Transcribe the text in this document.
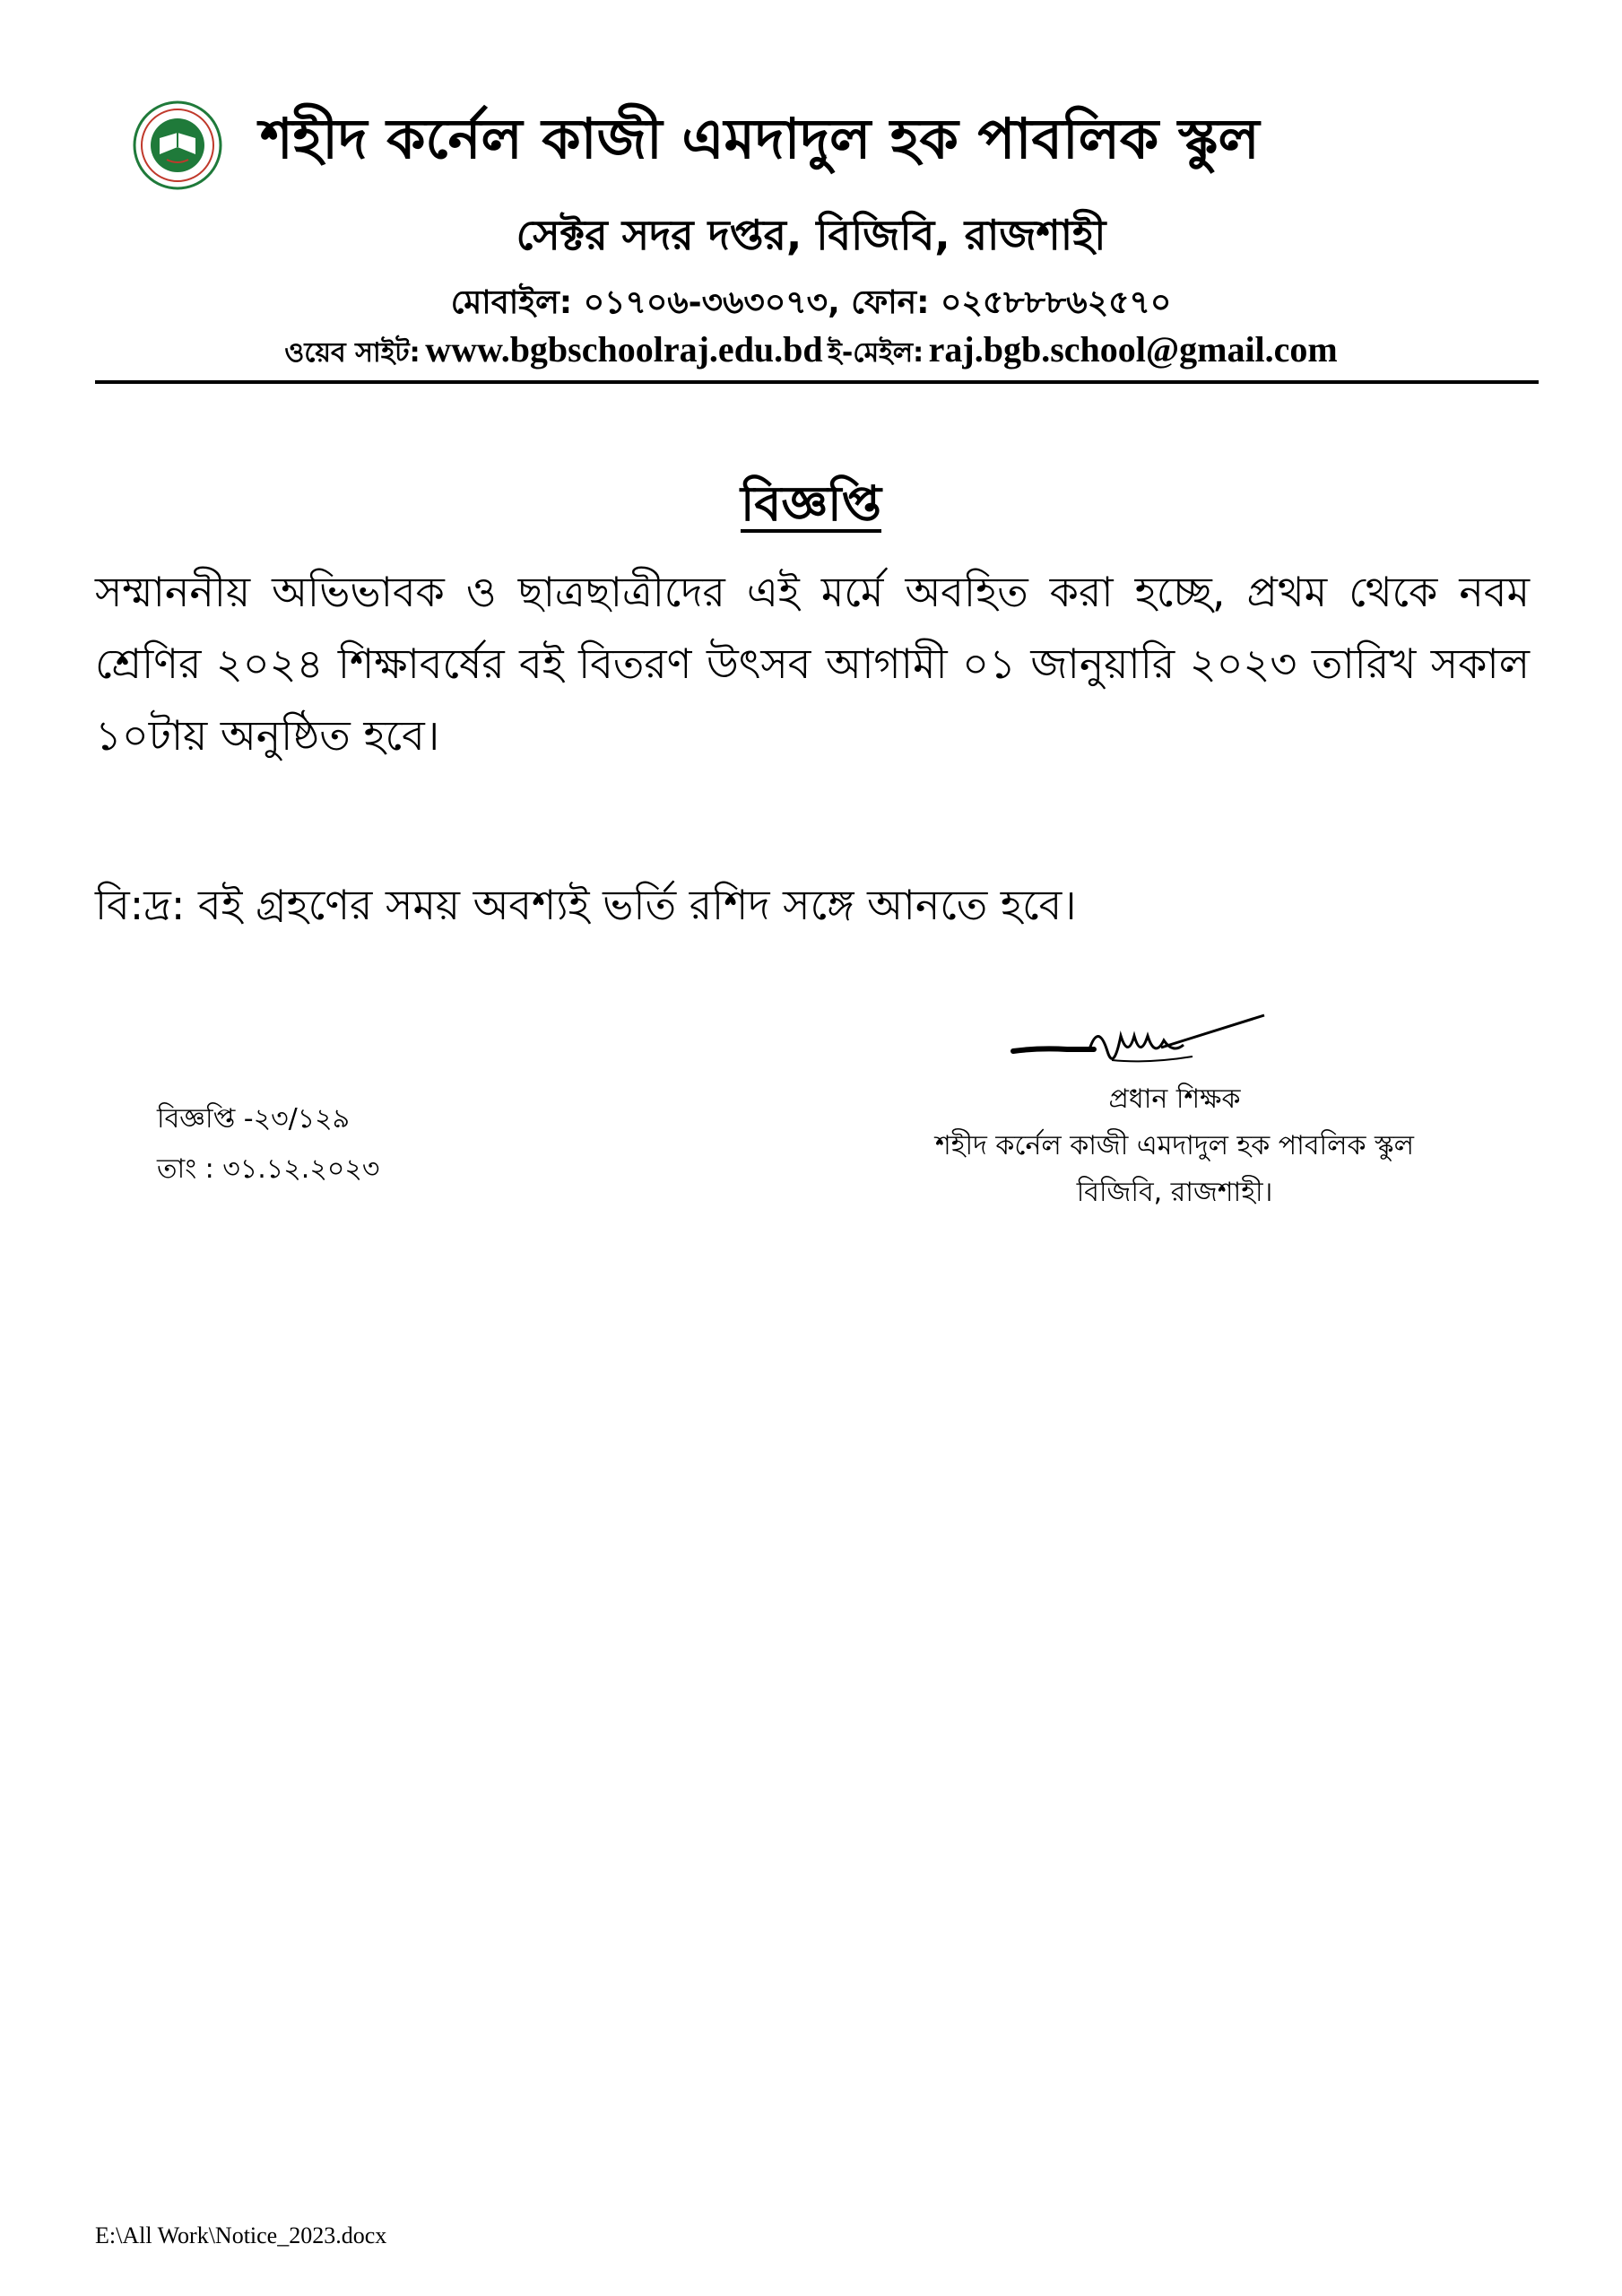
শহীদ কর্নেল কাজী এমদাদুল হক পাবলিক স্কুল
সেক্টর সদর দপ্তর, বিজিবি, রাজশাহী
মোবাইল: ০১৭০৬-৩৬৩০৭৩, ফোন: ০২৫৮৮৮৬২৫৭০
ওয়েব সাইট: www.bgbschoolraj.edu.bd ই-মেইল: raj.bgb.school@gmail.com
বিজ্ঞপ্তি
সম্মাননীয় অভিভাবক ও ছাত্রছাত্রীদের এই মর্মে অবহিত করা হচ্ছে, প্রথম থেকে নবম শ্রেণির ২০২৪ শিক্ষাবর্ষের বই বিতরণ উৎসব আগামী ০১ জানুয়ারি ২০২৩ তারিখ সকাল ১০টায় অনুষ্ঠিত হবে।
বি:দ্র: বই গ্রহণের সময় অবশ্যই ভর্তি রশিদ সঙ্গে আনতে হবে।
বিজ্ঞপ্তি -২৩/১২৯
তাং : ৩১.১২.২০২৩
প্রধান শিক্ষক
শহীদ কর্নেল কাজী এমদাদুল হক পাবলিক স্কুল
বিজিবি, রাজশাহী।
E:\All Work\Notice_2023.docx
